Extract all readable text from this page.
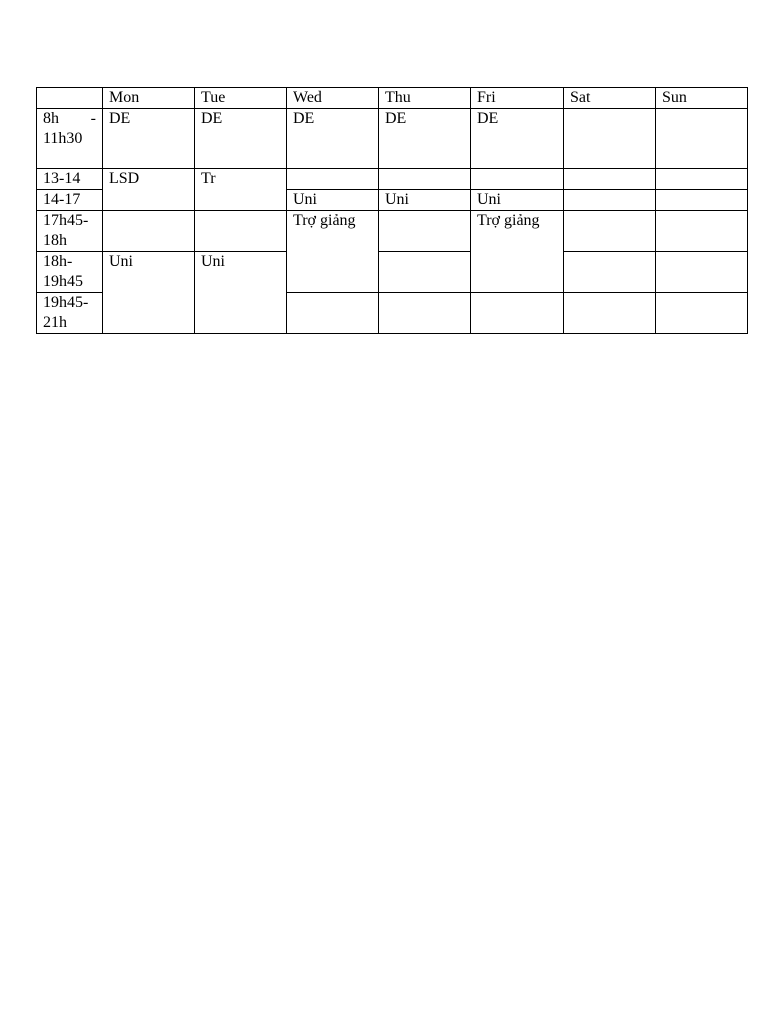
	Mon	Tue	Wed	Thu	Fri	Sat	Sun
8h - 11h30	DE	DE	DE	DE	DE		
13-14	LSD	Tr					
14-17			Uni	Uni	Uni		
17h45- 18h			Trợ giảng		Trợ giảng		
18h- 19h45	Uni	Uni					
19h45- 21h							
